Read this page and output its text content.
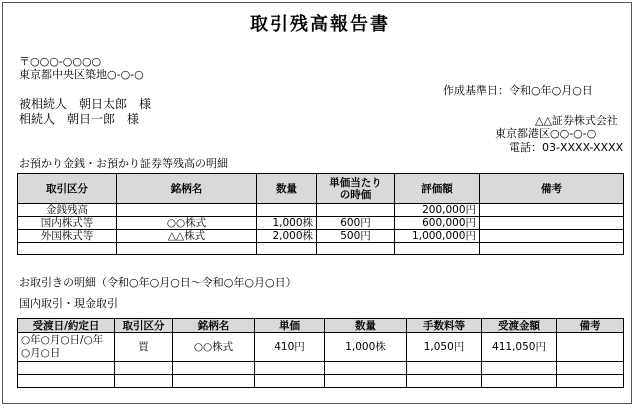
取引残高報告書
〒○○○-○○○○
東京都中央区築地○-○-○
作成基準日：令和○年○月○日
被相続人　朝日太郎　様
相続人　朝日一郎　様	△△証券株式会社
東京都港区○○-○-○
電話：03-XXXX-XXXX
お預かり金銭・お預かり証券等残高の明細
取引区分	銘柄名	数量	単価当たりの時価	評価額	備考
金銭残高				200,000円	
国内株式等	○○株式	1,000株	600円	600,000円	
外国株式等	△△株式	2,000株	500円	1,000,000円	

お取引きの明細（令和○年○月○日～令和○年○月○日）
国内取引・現金取引
受渡日/約定日	取引区分	銘柄名	単価	数量	手数料等	受渡金額	備考
○年○月○日/○年○月○日	買	○○株式	410円	1,000株	1,050円	411,050円	
